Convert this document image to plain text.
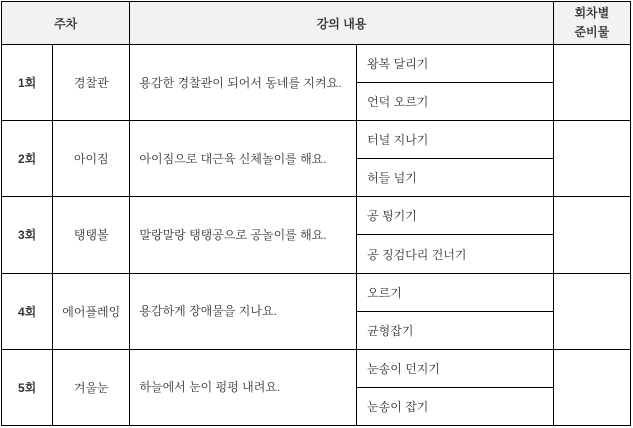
주차		강의 내용		회차별
준비물

1회	경찰관	용감한 경찰관이 되어서 동네를 지켜요.	왕복 달리기	
			언덕 오르기	
2회	아이짐	아이짐으로 대근육 신체놀이를 해요.	터널 지나기	
			허들 넘기	
3회	탱탱볼	말랑말랑 탱탱공으로 공놀이를 해요.	공 튕기기	
			공 징검다리 건너기	
4회	에어플레잉	용감하게 장애물을 지나요.	오르기	
			균형잡기	
5회	겨울눈	하늘에서 눈이 펑펑 내려요.	눈송이 던지기	
			눈송이 잡기	
